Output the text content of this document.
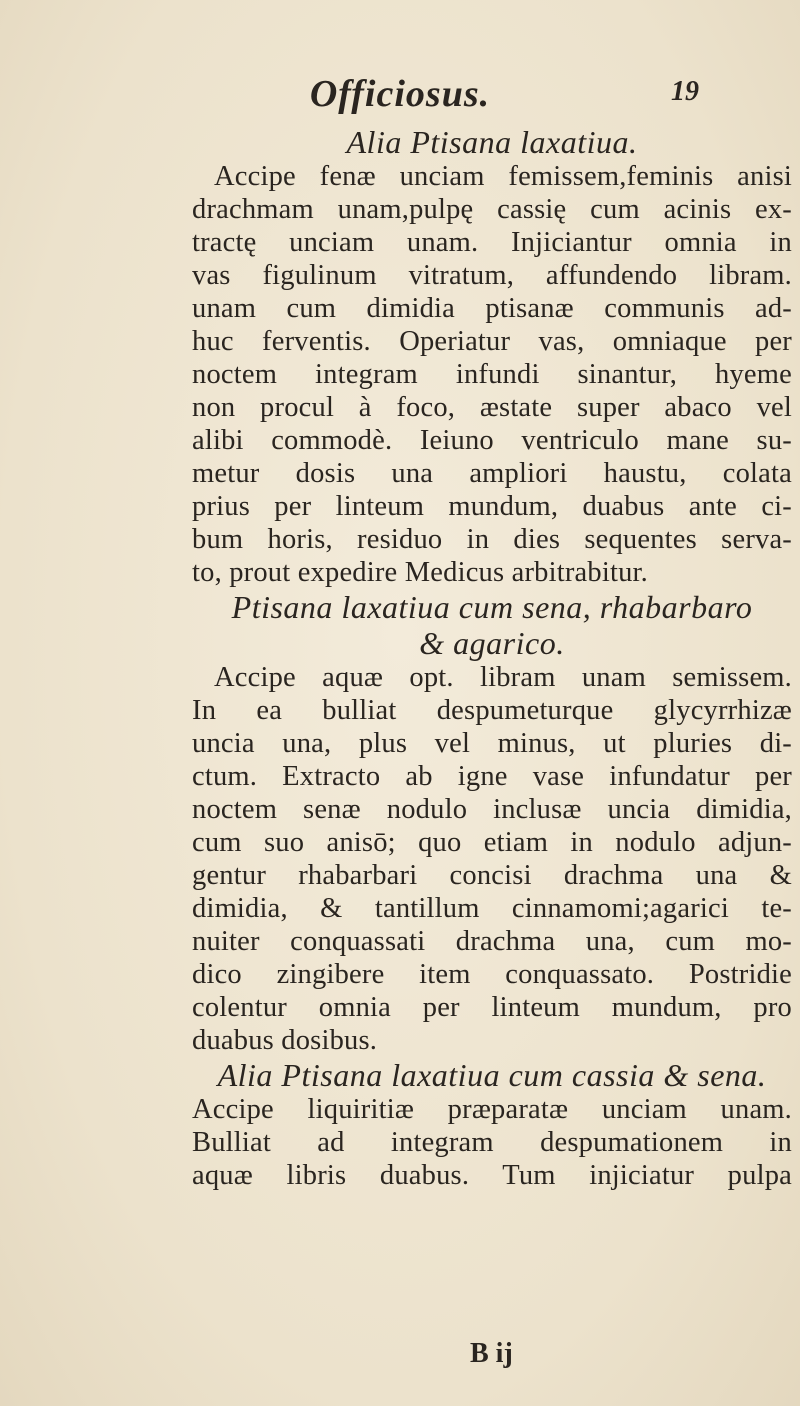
Officiosus.	19

Alia Ptisana laxatiua.

Accipe fenæ unciam femissem,feminis anisi
drachmam unam,pulpę cassię cum acinis ex-
tractę unciam unam. Injiciantur omnia in
vas figulinum vitratum, affundendo libram.
unam cum dimidia ptisanæ communis ad-
huc ferventis. Operiatur vas, omniaque per
noctem integram infundi sinantur, hyeme
non procul à foco, æstate super abaco vel
alibi commodè. Ieiuno ventriculo mane su-
metur dosis una ampliori haustu, colata
prius per linteum mundum, duabus ante ci-
bum horis, residuo in dies sequentes serva-
to, prout expedire Medicus arbitrabitur.

Ptisana laxatiua cum sena, rhabarbaro

& agarico.

Accipe aquæ opt. libram unam semissem.
In ea bulliat despumeturque glycyrrhizæ
uncia una, plus vel minus, ut pluries di-
ctum. Extracto ab igne vase infundatur per
noctem senæ nodulo inclusæ uncia dimidia,
cum suo anisō; quo etiam in nodulo adjun-
gentur rhabarbari concisi drachma una &
dimidia, & tantillum cinnamomi;agarici te-
nuiter conquassati drachma una, cum mo-
dico zingibere item conquassato. Postridie
colentur omnia per linteum mundum, pro
duabus dosibus.

Alia Ptisana laxatiua cum cassia & sena.

Accipe liquiritiæ præparatæ unciam unam.
Bulliat ad integram despumationem in
aquæ libris duabus. Tum injiciatur pulpa
B ij
